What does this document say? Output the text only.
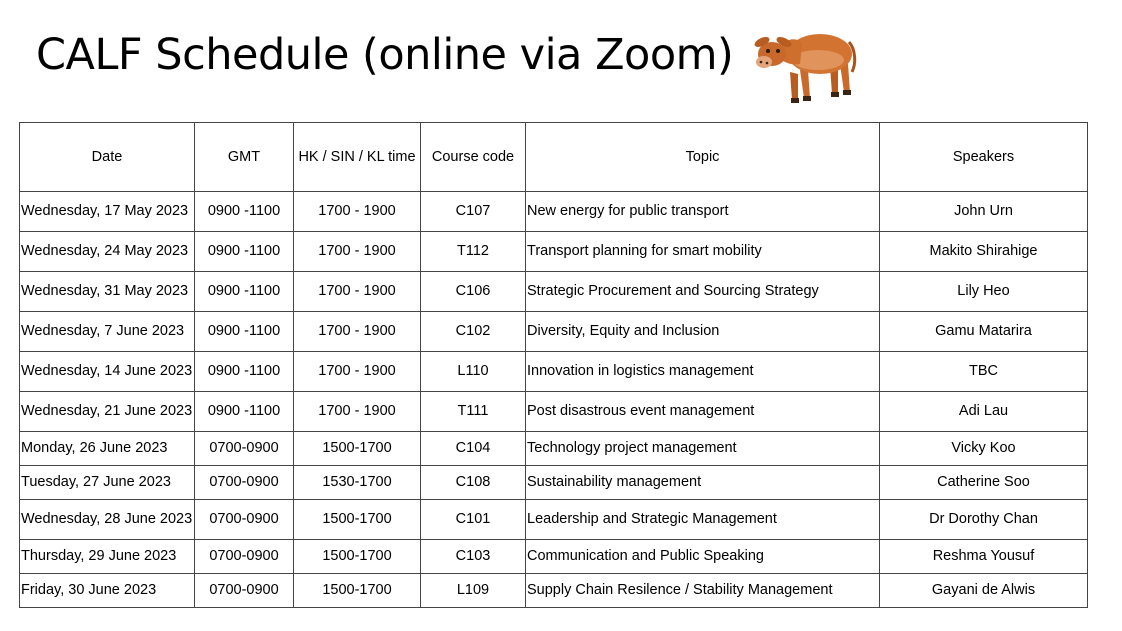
CALF Schedule (online via Zoom)
Date	GMT	HK / SIN / KL time	Course code	Topic	Speakers
Wednesday, 17 May 2023	0900 -1100	1700 - 1900	C107	New energy for public transport	John Urn
Wednesday, 24 May 2023	0900 -1100	1700 - 1900	T112	Transport planning for smart mobility	Makito Shirahige
Wednesday, 31 May 2023	0900 -1100	1700 - 1900	C106	Strategic Procurement and Sourcing Strategy	Lily Heo
Wednesday, 7 June 2023	0900 -1100	1700 - 1900	C102	Diversity, Equity and Inclusion	Gamu Matarira
Wednesday, 14 June 2023	0900 -1100	1700 - 1900	L110	Innovation in logistics management	TBC
Wednesday, 21 June 2023	0900 -1100	1700 - 1900	T111	Post disastrous event management	Adi Lau
Monday, 26 June 2023	0700-0900	1500-1700	C104	Technology project management	Vicky Koo
Tuesday, 27 June 2023	0700-0900	1530-1700	C108	Sustainability management	Catherine Soo
Wednesday, 28 June 2023	0700-0900	1500-1700	C101	Leadership and Strategic Management	Dr Dorothy Chan
Thursday, 29 June 2023	0700-0900	1500-1700	C103	Communication and Public Speaking	Reshma Yousuf
Friday, 30 June 2023	0700-0900	1500-1700	L109	Supply Chain Resilence / Stability Management	Gayani de Alwis
